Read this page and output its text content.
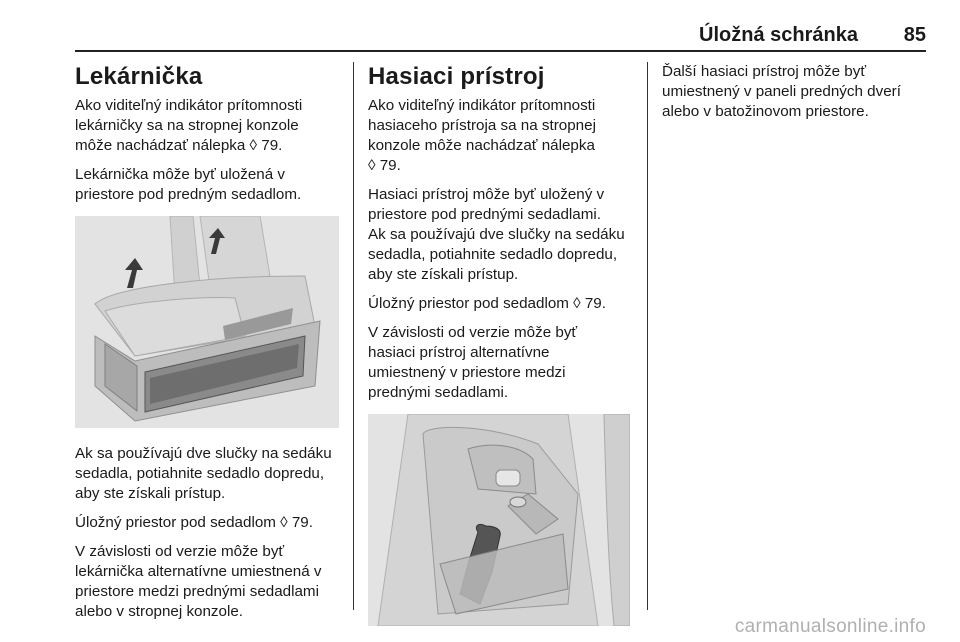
Úložná schránka 85
Lekárnička

Ako viditeľný indikátor prítomnosti
lekárničky sa na stropnej konzole
môže nachádzať nálepka ◊ 79.

Lekárnička môže byť uložená v
priestore pod predným sedadlom.

Ak sa používajú dve slučky na sedáku
sedadla, potiahnite sedadlo dopredu,
aby ste získali prístup.

Úložný priestor pod sedadlom ◊ 79.

V závislosti od verzie môže byť
lekárnička alternatívne umiestnená v
priestore medzi prednými sedadlami
alebo v stropnej konzole.

Hasiaci prístroj

Ako viditeľný indikátor prítomnosti
hasiaceho prístroja sa na stropnej
konzole môže nachádzať nálepka
◊ 79.

Hasiaci prístroj môže byť uložený v
priestore pod prednými sedadlami.
Ak sa používajú dve slučky na sedáku
sedadla, potiahnite sedadlo dopredu,
aby ste získali prístup.

Úložný priestor pod sedadlom ◊ 79.

V závislosti od verzie môže byť
hasiaci prístroj alternatívne
umiestnený v priestore medzi
prednými sedadlami.

Ďalší hasiaci prístroj môže byť
umiestnený v paneli predných dverí
alebo v batožinovom priestore.

carmanualsonline.info
